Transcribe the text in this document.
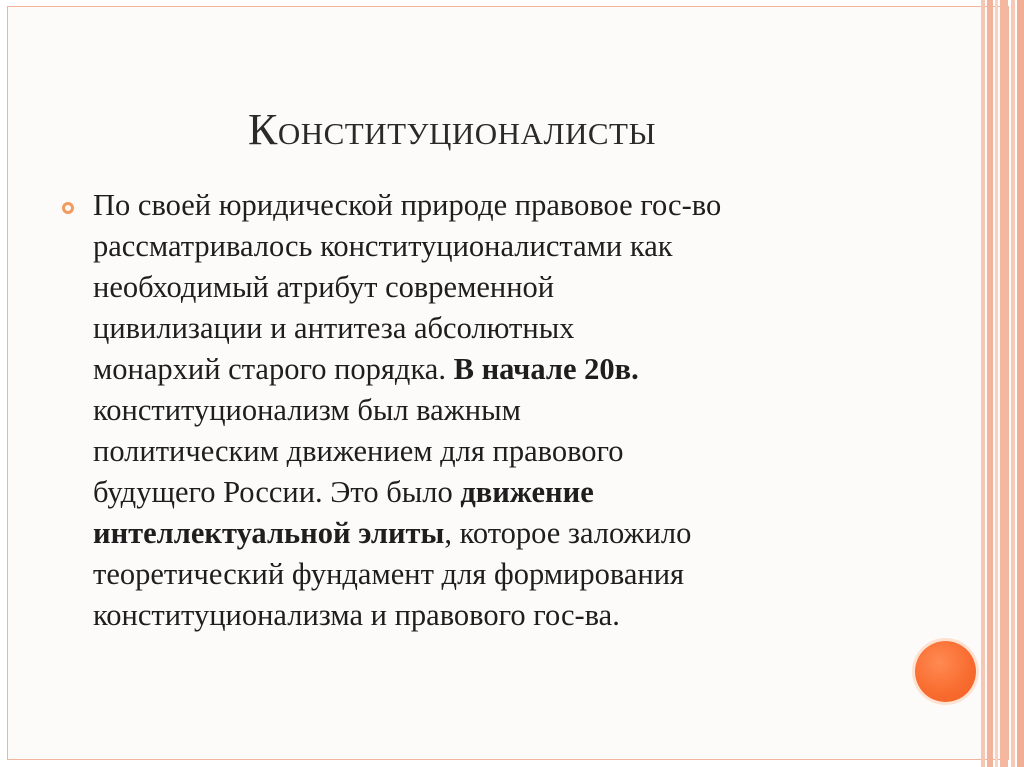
Конституционалисты

По своей юридической природе правовое гос-во
рассматривалось конституционалистами как
необходимый атрибут современной
цивилизации и антитеза абсолютных
монархий старого порядка. В начале 20в.
конституционализм был важным
политическим движением для правового
будущего России. Это было движение
интеллектуальной элиты, которое заложило
теоретический фундамент для формирования
конституционализма и правового гос-ва.
